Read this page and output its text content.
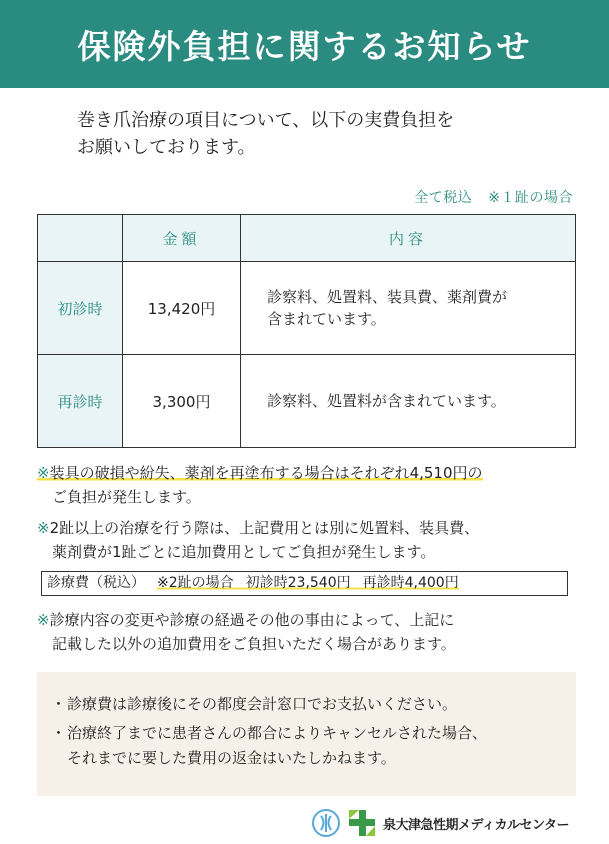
保険外負担に関するお知らせ
巻き爪治療の項目について、以下の実費負担を
お願いしております。
全て税込 ※１趾の場合
	金額	内容
初診時	13,420円	診察料、処置料、装具費、薬剤費が
含まれています。

再診時	3,300円	診察料、処置料が含まれています。
※装具の破損や紛失、薬剤を再塗布する場合はそれぞれ4,510円の
ご負担が発生します。
※2趾以上の治療を行う際は、上記費用とは別に処置料、装具費、
薬剤費が1趾ごとに追加費用としてご負担が発生します。
診療費（税込） ※2趾の場合 初診時23,540円 再診時4,400円
※診療内容の変更や診療の経過その他の事由によって、上記に
記載した以外の追加費用をご負担いただく場合があります。
・ 診療費は診療後にその都度会計窓口でお支払いください。
・ 治療終了までに患者さんの都合によりキャンセルされた場合、
それまでに要した費用の返金はいたしかねます。
泉大津急性期メディカルセンター
